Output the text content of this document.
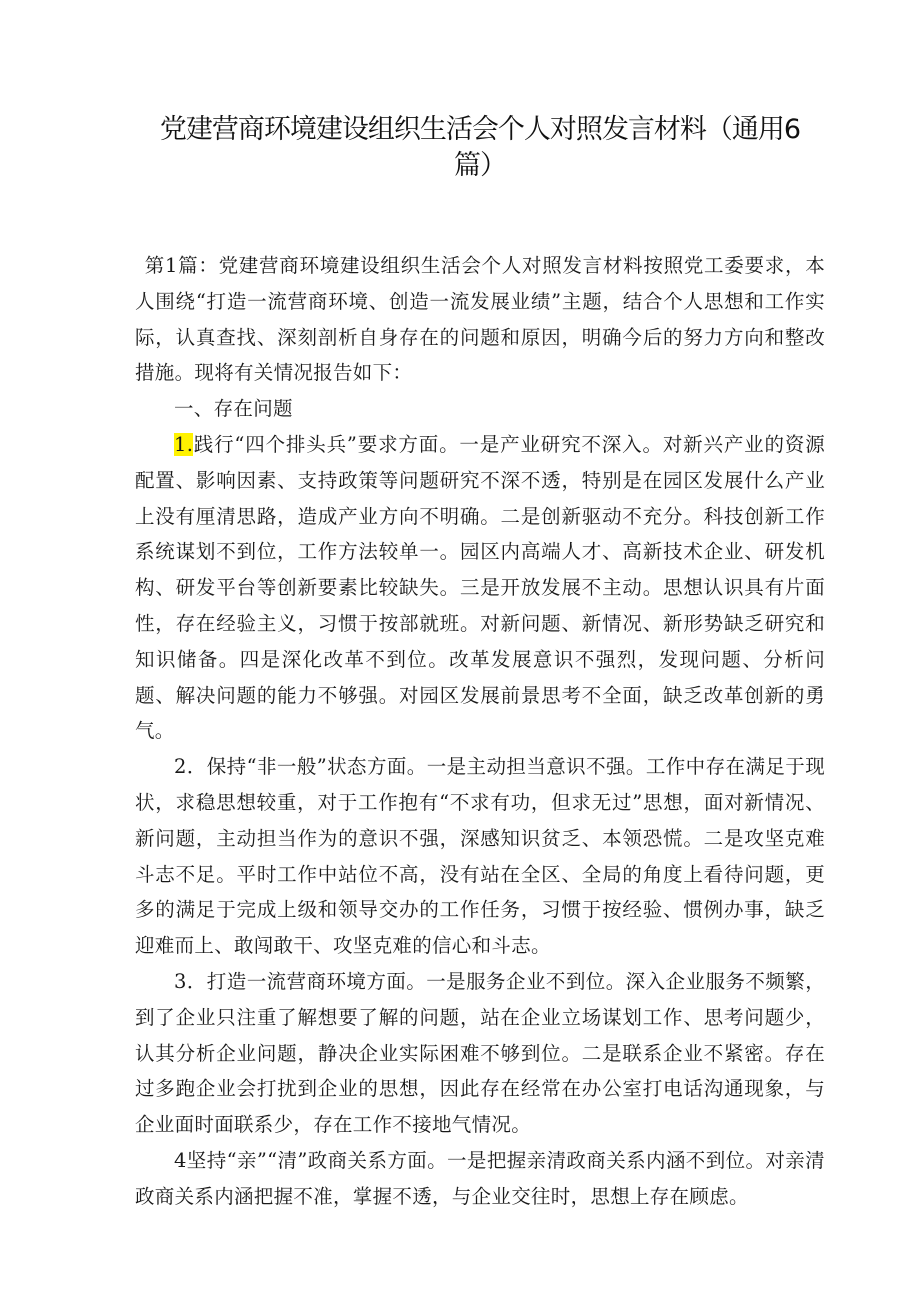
党建营商环境建设组织生活会个人对照发言材料（通用6
篇）

第1篇：党建营商环境建设组织生活会个人对照发言材料按照党工委要求，本人围绕“打造一流营商环境、创造一流发展业绩”主题，结合个人思想和工作实际，认真查找、深刻剖析自身存在的问题和原因，明确今后的努力方向和整改措施。现将有关情况报告如下：

一、存在问题

1.践行“四个排头兵”要求方面。一是产业研究不深入。对新兴产业的资源配置、影响因素、支持政策等问题研究不深不透，特别是在园区发展什么产业上没有厘清思路，造成产业方向不明确。二是创新驱动不充分。科技创新工作系统谋划不到位，工作方法较单一。园区内高端人才、高新技术企业、研发机构、研发平台等创新要素比较缺失。三是开放发展不主动。思想认识具有片面性，存在经验主义，习惯于按部就班。对新问题、新情况、新形势缺乏研究和知识储备。四是深化改革不到位。改革发展意识不强烈，发现问题、分析问题、解决问题的能力不够强。对园区发展前景思考不全面，缺乏改革创新的勇气。

2．保持“非一般”状态方面。一是主动担当意识不强。工作中存在满足于现状，求稳思想较重，对于工作抱有“不求有功，但求无过”思想，面对新情况、新问题，主动担当作为的意识不强，深感知识贫乏、本领恐慌。二是攻坚克难斗志不足。平时工作中站位不高，没有站在全区、全局的角度上看待问题，更多的满足于完成上级和领导交办的工作任务，习惯于按经验、惯例办事，缺乏迎难而上、敢闯敢干、攻坚克难的信心和斗志。

3．打造一流营商环境方面。一是服务企业不到位。深入企业服务不频繁，到了企业只注重了解想要了解的问题，站在企业立场谋划工作、思考问题少，认其分析企业问题，静决企业实际困难不够到位。二是联系企业不紧密。存在过多跑企业会打扰到企业的思想，因此存在经常在办公室打电话沟通现象，与企业面时面联系少，存在工作不接地气情况。

4坚持“亲”“清”政商关系方面。一是把握亲清政商关系内涵不到位。对亲清政商关系内涵把握不准，掌握不透，与企业交往时，思想上存在顾虑。
